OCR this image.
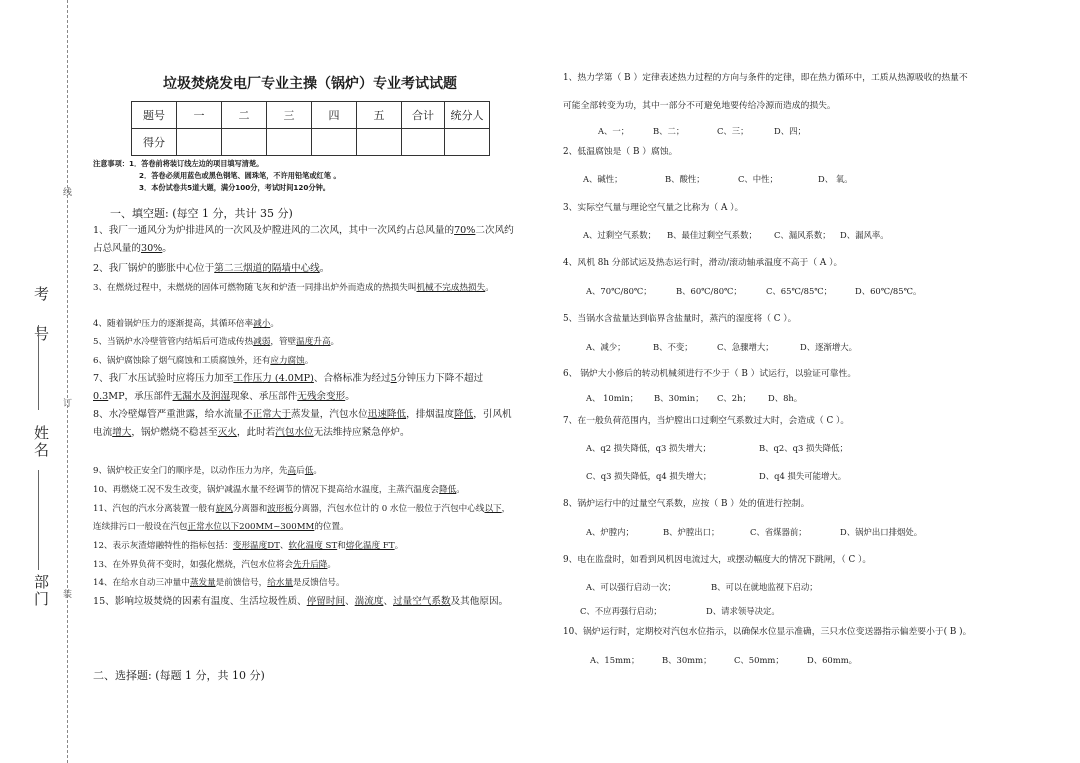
线
订
装
考 号
姓名
部门
垃圾焚烧发电厂专业主操（锅炉）专业考试试题
题号	一	二	三	四	五	合计	统分人
得分							
注意事项：1．答卷前将装订线左边的项目填写清楚。
2．答卷必须用蓝色或黑色钢笔、圆珠笔，不许用铅笔或红笔 。
3．本份试卷共5道大题，满分100分，考试时间120分钟。
一、填空题: (每空 1 分，共计 35 分)
1、我厂一通风分为炉排进风的一次风及炉膛进风的二次风，其中一次风约占总风量的70%二次风约占总风量的30%。
2、我厂锅炉的膨胀中心位于第二三烟道的隔墙中心线。
3、在燃烧过程中，未燃烧的固体可燃物随飞灰和炉渣一同排出炉外而造成的热损失叫机械不完成热损失。
4、随着锅炉压力的逐渐提高，其循环倍率减小。
5、当锅炉水冷壁管管内结垢后可造成传热减弱，管壁温度升高。
6、锅炉腐蚀除了烟气腐蚀和工质腐蚀外，还有应力腐蚀。
7、我厂水压试验时应将压力加至工作压力 (4.0MP)、合格标准为经过5分钟压力下降不超过0.3MP，承压部件无漏水及润湿现象、承压部件无残余变形。
8、水冷壁爆管严重泄露，给水流量不正常大于蒸发量，汽包水位迅速降低，排烟温度降低，引风机电流增大，锅炉燃烧不稳甚至灭火，此时若汽包水位无法维持应紧急停炉。
9、锅炉校正安全门的顺序是，以动作压力为序，先高后低。
10、再燃烧工况不发生改变，锅炉减温水量不经调节的情况下提高给水温度，主蒸汽温度会降低。
11、汽包的汽水分离装置一般有旋风分离器和波形板分离器，汽包水位计的 0 水位一般位于汽包中心线以下，连续排污口一般设在汽包正常水位以下200MM~300MM的位置。
12、表示灰渣熔融特性的指标包括：变形温度DT、软化温度 ST和熔化温度 FT。
13、在外界负荷不变时，如强化燃烧，汽包水位将会先升后降。
14、在给水自动三冲量中蒸发量是前馈信号，给水量是反馈信号。
15、影响垃圾焚烧的因素有温度、生活垃圾性质、停留时间、湍流度、过量空气系数及其他原因。
二、选择题: (每题 1 分，共 10 分)
1、热力学第（ B ）定律表述热力过程的方向与条件的定律，即在热力循环中，工质从热源吸收的热量不
可能全部转变为功，其中一部分不可避免地要传给冷源而造成的损失。
A、一；	B、二；	C、三；	D、四；
2、低温腐蚀是（ B ）腐蚀。
A、碱性；	B、酸性；	C、中性；	D、 氧。
3、实际空气量与理论空气量之比称为（ A ）。
A、过剩空气系数； B、最佳过剩空气系数； C、漏风系数； D、漏风率。
4、风机 8h 分部试运及热态运行时，滑动/滚动轴承温度不高于（ A ）。
A、70℃/80℃；	B、60℃/80℃；	C、65℃/85℃；	D、60℃/85℃。
5、当锅水含盐量达到临界含盐量时，蒸汽的湿度将（ C ）。
A、减少；	B、不变；	C、急骤增大；	D、逐渐增大。
6、 锅炉大小修后的转动机械须进行不少于（ B ）试运行，以验证可靠性。
A、 10min； B、30min； C、2h； D、8h。
7、在一般负荷范围内，当炉膛出口过剩空气系数过大时，会造成（ C ）。
A、q2 损失降低，q3 损失增大；	B、q2、q3 损失降低；
C、q3 损失降低，q4 损失增大；	D、q4 损失可能增大。
8、锅炉运行中的过量空气系数，应按（ B ）处的值进行控制。
A、炉膛内；	B、炉膛出口；	C、省煤器前；	D、锅炉出口排烟处。
9、电在监盘时，如看到风机因电流过大，或摆动幅度大的情况下跳闸，（ C ）。
A、可以强行启动一次；	B、可以在就地监视下启动；
C、不应再强行启动；	D、请求领导决定。
10、锅炉运行时，定期校对汽包水位指示，以确保水位显示准确，三只水位变送器指示偏差要小于( B )。
A、15mm；	B、30mm；	C、50mm；	D、60mm。
